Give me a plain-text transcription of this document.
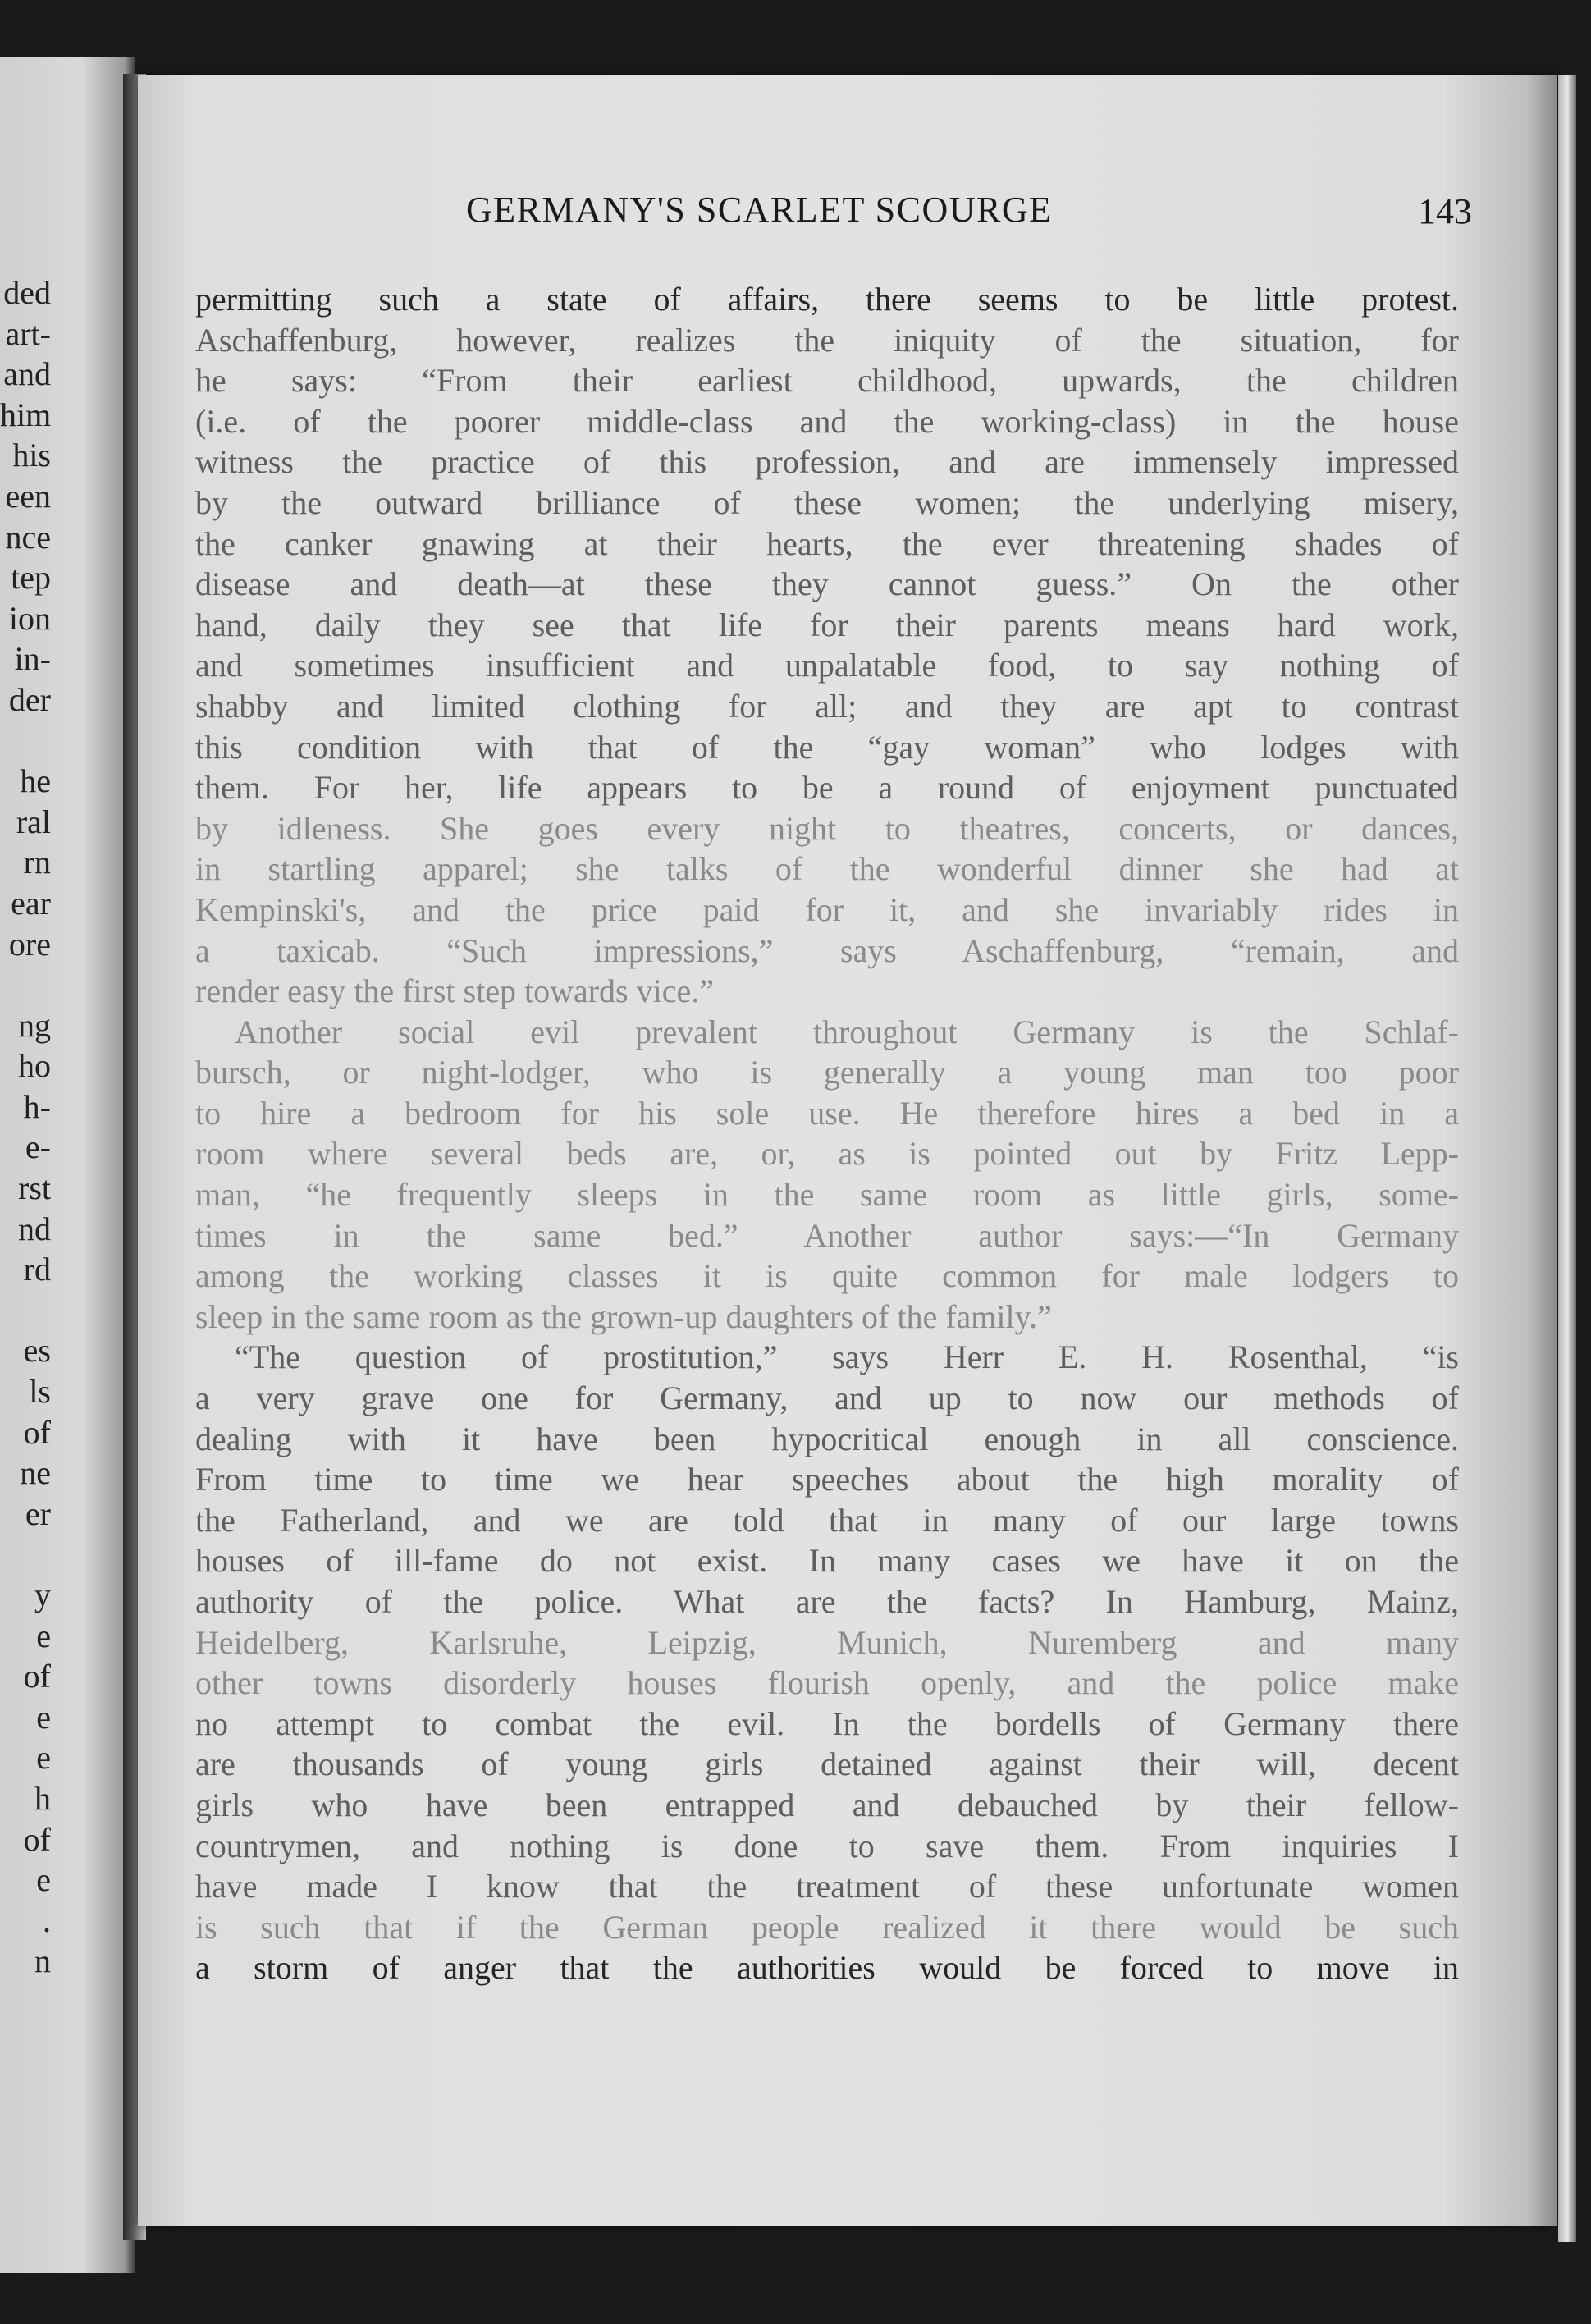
ded
art-
and
him
his
een
nce
tep
ion
in-
der
he
ral
rn
ear
ore
ng
ho
h-
e-
rst
nd
rd
es
ls
of
ne
er
y
e
of
e
e
h
of
e
.
n
GERMANY'S SCARLET SCOURGE	143
permitting such a state of affairs, there seems to be little protest.
Aschaffenburg, however, realizes the iniquity of the situation, for
he says: “From their earliest childhood, upwards, the children
(i.e. of the poorer middle-class and the working-class) in the house
witness the practice of this profession, and are immensely impressed
by the outward brilliance of these women; the underlying misery,
the canker gnawing at their hearts, the ever threatening shades of
disease and death—at these they cannot guess.” On the other
hand, daily they see that life for their parents means hard work,
and sometimes insufficient and unpalatable food, to say nothing of
shabby and limited clothing for all; and they are apt to contrast
this condition with that of the “gay woman” who lodges with
them. For her, life appears to be a round of enjoyment punctuated
by idleness. She goes every night to theatres, concerts, or dances,
in startling apparel; she talks of the wonderful dinner she had at
Kempinski's, and the price paid for it, and she invariably rides in
a taxicab. “Such impressions,” says Aschaffenburg, “remain, and
render easy the first step towards vice.”
Another social evil prevalent throughout Germany is the Schlaf-
bursch, or night-lodger, who is generally a young man too poor
to hire a bedroom for his sole use. He therefore hires a bed in a
room where several beds are, or, as is pointed out by Fritz Lepp-
man, “he frequently sleeps in the same room as little girls, some-
times in the same bed.” Another author says:—“In Germany
among the working classes it is quite common for male lodgers to
sleep in the same room as the grown-up daughters of the family.”
“The question of prostitution,” says Herr E. H. Rosenthal, “is
a very grave one for Germany, and up to now our methods of
dealing with it have been hypocritical enough in all conscience.
From time to time we hear speeches about the high morality of
the Fatherland, and we are told that in many of our large towns
houses of ill-fame do not exist. In many cases we have it on the
authority of the police. What are the facts? In Hamburg, Mainz,
Heidelberg, Karlsruhe, Leipzig, Munich, Nuremberg and many
other towns disorderly houses flourish openly, and the police make
no attempt to combat the evil. In the bordells of Germany there
are thousands of young girls detained against their will, decent
girls who have been entrapped and debauched by their fellow-
countrymen, and nothing is done to save them. From inquiries I
have made I know that the treatment of these unfortunate women
is such that if the German people realized it there would be such
a storm of anger that the authorities would be forced to move in
